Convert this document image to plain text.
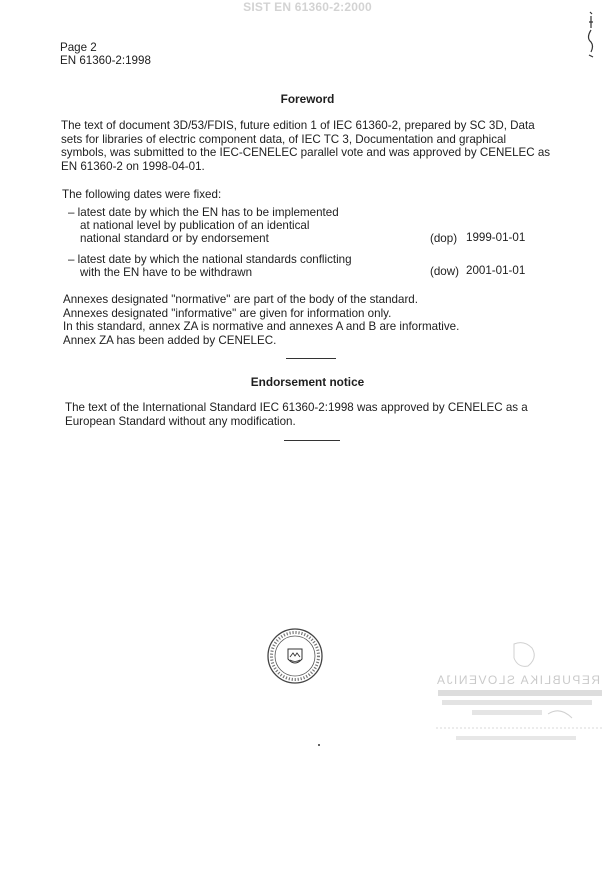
SIST EN 61360-2:2000
Page 2
EN 61360-2:1998
Foreword
The text of document 3D/53/FDIS, future edition 1 of IEC 61360-2, prepared by SC 3D, Data
sets for libraries of electric component data, of IEC TC 3, Documentation and graphical
symbols, was submitted to the IEC-CENELEC parallel vote and was approved by CENELEC as
EN 61360-2 on 1998-04-01.
The following dates were fixed:
– latest date by which the EN has to be implemented
at national level by publication of an identical
national standard or by endorsement	(dop) 1999-01-01
– latest date by which the national standards conflicting
with the EN have to be withdrawn	(dow) 2001-01-01
Annexes designated "normative" are part of the body of the standard.
Annexes designated "informative" are given for information only.
In this standard, annex ZA is normative and annexes A and B are informative.
Annex ZA has been added by CENELEC.
Endorsement notice
The text of the International Standard IEC 61360-2:1998 was approved by CENELEC as a
European Standard without any modification.
REPUBLIKA SLOVENIJA
